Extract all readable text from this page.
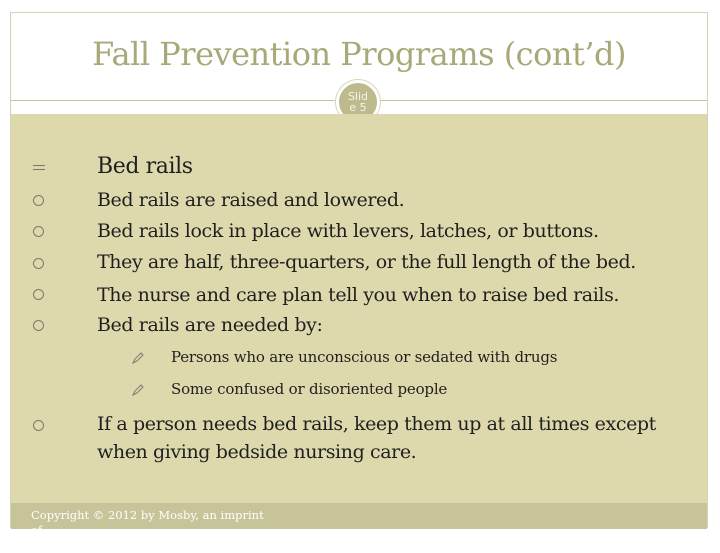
Fall Prevention Programs (cont’d)
Slide 5
Bed rails
Bed rails are raised and lowered.
Bed rails lock in place with levers, latches, or buttons.
They are half, three-quarters, or the full length of the bed.
The nurse and care plan tell you when to raise bed rails.
Bed rails are needed by:
Persons who are unconscious or sedated with drugs
Some confused or disoriented people
If a person needs bed rails, keep them up at all times except
when giving bedside nursing care.
Copyright © 2012 by Mosby, an imprint of
Elsevier Inc. All rights reserved.
